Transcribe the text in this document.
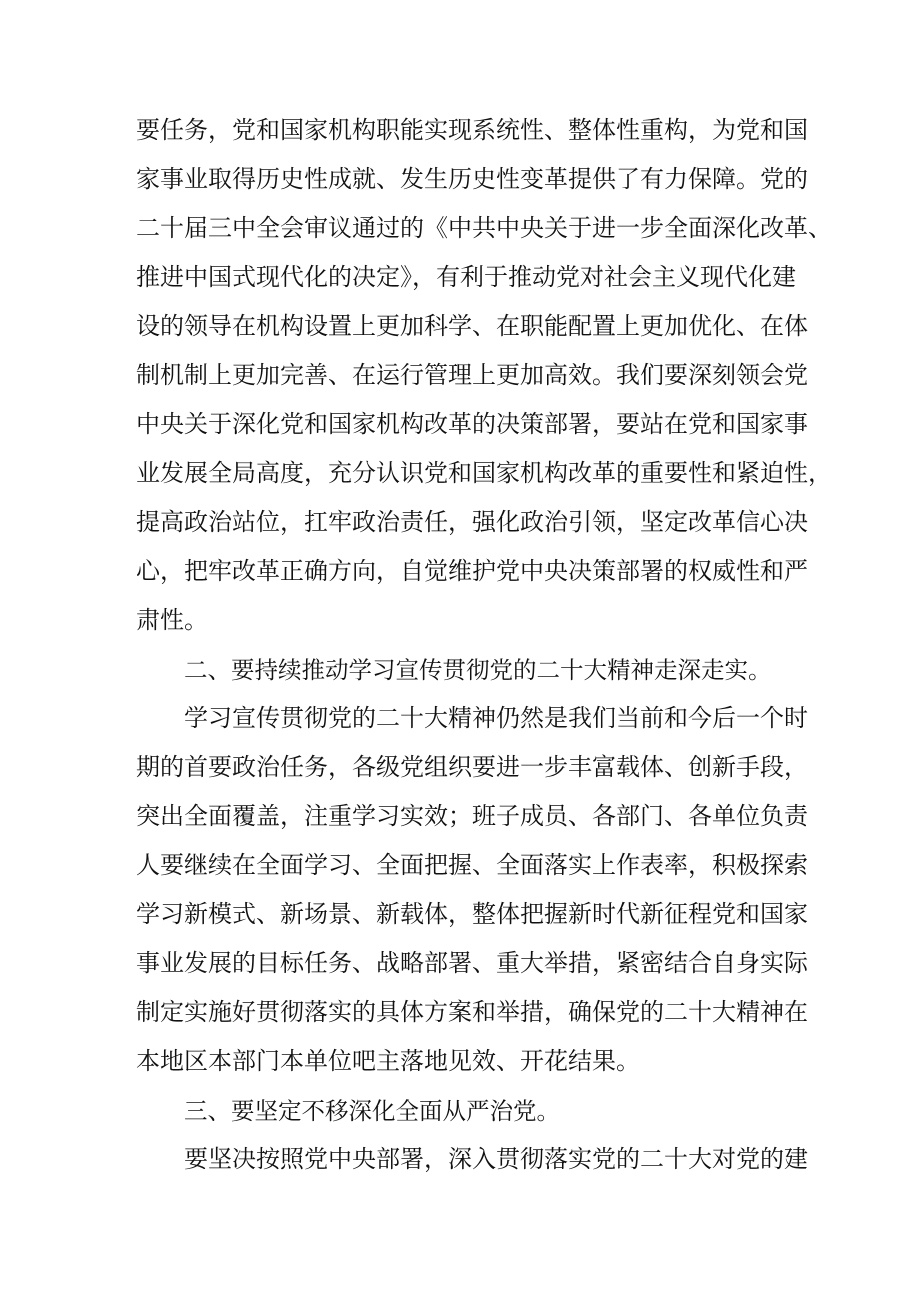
要任务，党和国家机构职能实现系统性、整体性重构，为党和国
家事业取得历史性成就、发生历史性变革提供了有力保障。党的
二十届三中全会审议通过的《中共中央关于进一步全面深化改革、
推进中国式现代化的决定》，有利于推动党对社会主义现代化建
设的领导在机构设置上更加科学、在职能配置上更加优化、在体
制机制上更加完善、在运行管理上更加高效。我们要深刻领会党
中央关于深化党和国家机构改革的决策部署，要站在党和国家事
业发展全局高度，充分认识党和国家机构改革的重要性和紧迫性，
提高政治站位，扛牢政治责任，强化政治引领，坚定改革信心决
心，把牢改革正确方向，自觉维护党中央决策部署的权威性和严
肃性。
二、要持续推动学习宣传贯彻党的二十大精神走深走实。
学习宣传贯彻党的二十大精神仍然是我们当前和今后一个时
期的首要政治任务，各级党组织要进一步丰富载体、创新手段，
突出全面覆盖，注重学习实效；班子成员、各部门、各单位负责
人要继续在全面学习、全面把握、全面落实上作表率，积极探索
学习新模式、新场景、新载体，整体把握新时代新征程党和国家
事业发展的目标任务、战略部署、重大举措，紧密结合自身实际
制定实施好贯彻落实的具体方案和举措，确保党的二十大精神在
本地区本部门本单位吧主落地见效、开花结果。
三、要坚定不移深化全面从严治党。
要坚决按照党中央部署，深入贯彻落实党的二十大对党的建
